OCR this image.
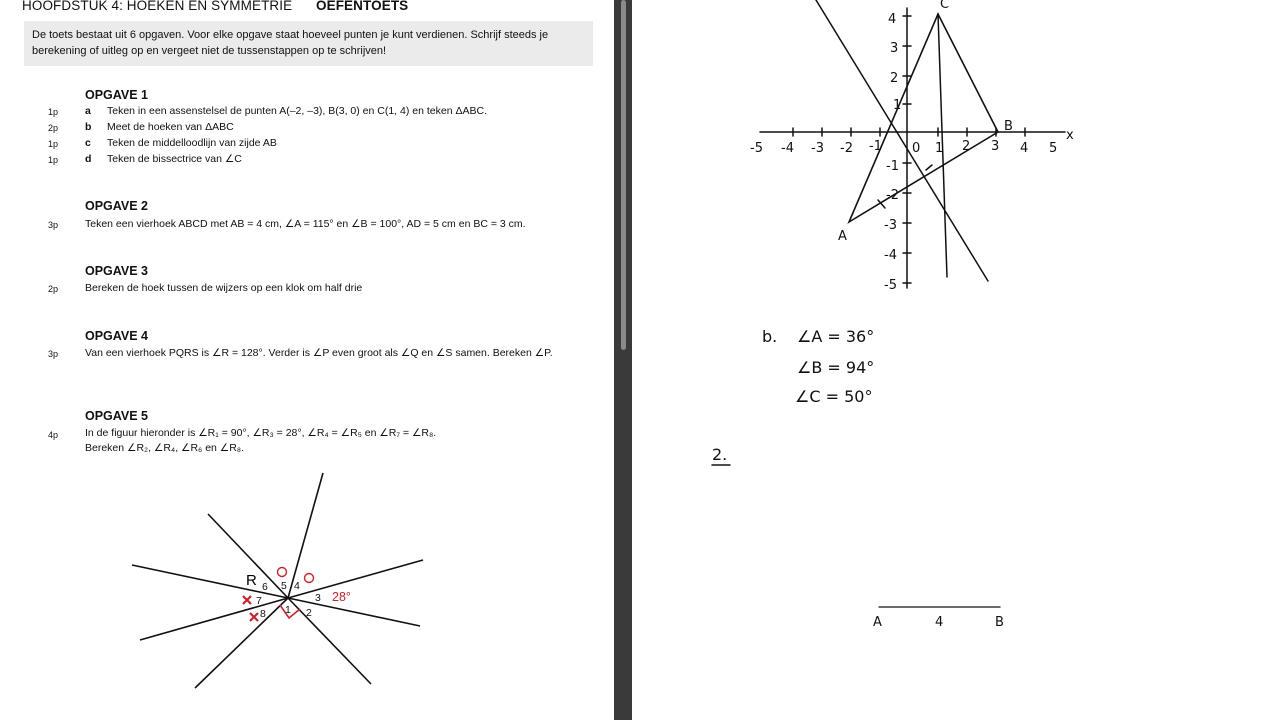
HOOFDSTUK 4: HOEKEN EN SYMMETRIE OEFENTOETS
De toets bestaat uit 6 opgaven. Voor elke opgave staat hoeveel punten je kunt verdienen. Schrijf steeds je berekening of uitleg op en vergeet niet de tussenstappen op te schrijven!
OPGAVE 1
1p	a Teken in een assenstelsel de punten A(–2, –3), B(3, 0) en C(1, 4) en teken ΔABC.
2p	b Meet de hoeken van ΔABC
1p	c Teken de middelloodlijn van zijde AB
1p	d Teken de bissectrice van ∠C
OPGAVE 2
3p	Teken een vierhoek ABCD met AB = 4 cm, ∠A = 115° en ∠B = 100°, AD = 5 cm en BC = 3 cm.
OPGAVE 3
2p	Bereken de hoek tussen de wijzers op een klok om half drie
OPGAVE 4
3p	Van een vierhoek PQRS is ∠R = 128°. Verder is ∠P even groot als ∠Q en ∠S samen. Bereken ∠P.
OPGAVE 5
4p	In de figuur hieronder is ∠R₁ = 90°, ∠R₃ = 28°, ∠R₄ = ∠R₅ en ∠R₇ = ∠R₈.
Bereken ∠R₂, ∠R₄, ∠R₆ en ∠R₈.
R
1 2
3
4
5
6
7
8
28°
x
-5 -4 -3 -2 -1 0 1 2 3 4 5
4
3
2
1
-1
-2
-3
-4
-5
A
B
C
b. ∠A = 36°
∠B = 94°
∠C = 50°
2.
A	4	B
